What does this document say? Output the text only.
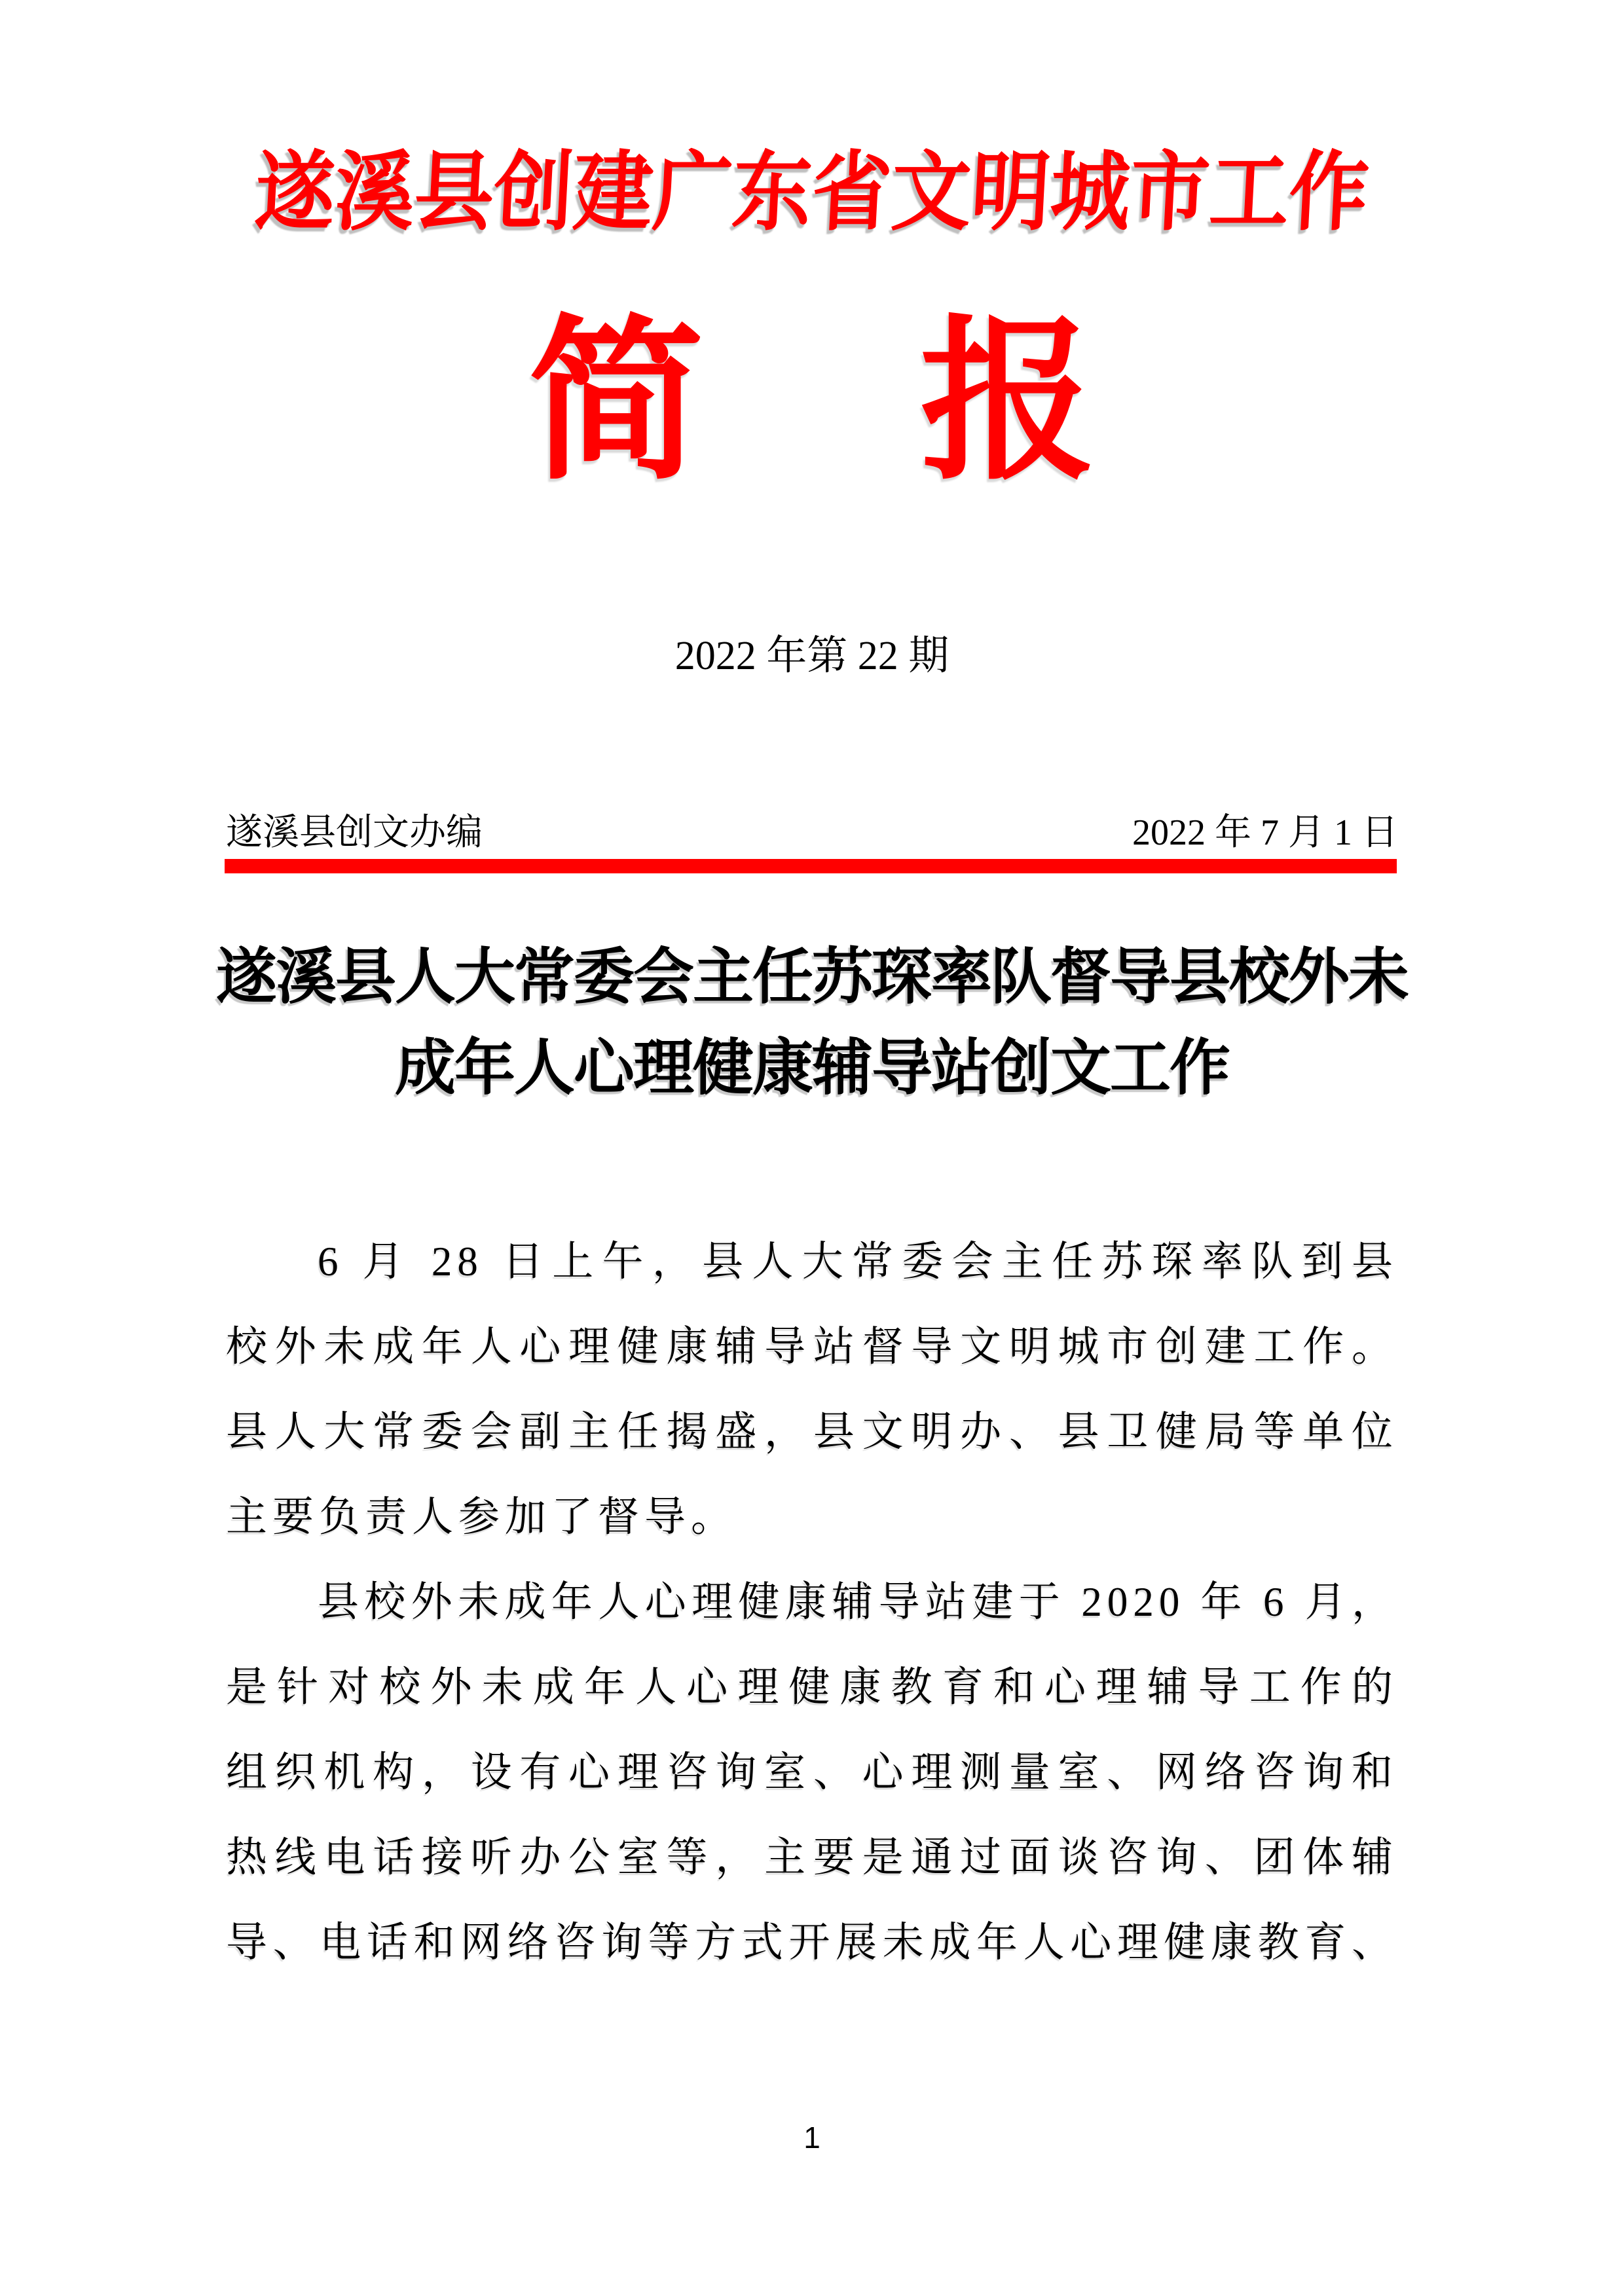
遂溪县创建广东省文明城市工作
简 报
2022 年第 22 期
遂溪县创文办编	2022 年 7 月 1 日
遂溪县人大常委会主任苏琛率队督导县校外未
成年人心理健康辅导站创文工作
6 月 28 日上午，县人大常委会主任苏琛率队到县
校外未成年人心理健康辅导站督导文明城市创建工作。
县人大常委会副主任揭盛，县文明办、县卫健局等单位
主要负责人参加了督导。
县校外未成年人心理健康辅导站建于 2020 年 6 月，
是针对校外未成年人心理健康教育和心理辅导工作的
组织机构，设有心理咨询室、心理测量室、网络咨询和
热线电话接听办公室等，主要是通过面谈咨询、团体辅
导、电话和网络咨询等方式开展未成年人心理健康教育、
1
